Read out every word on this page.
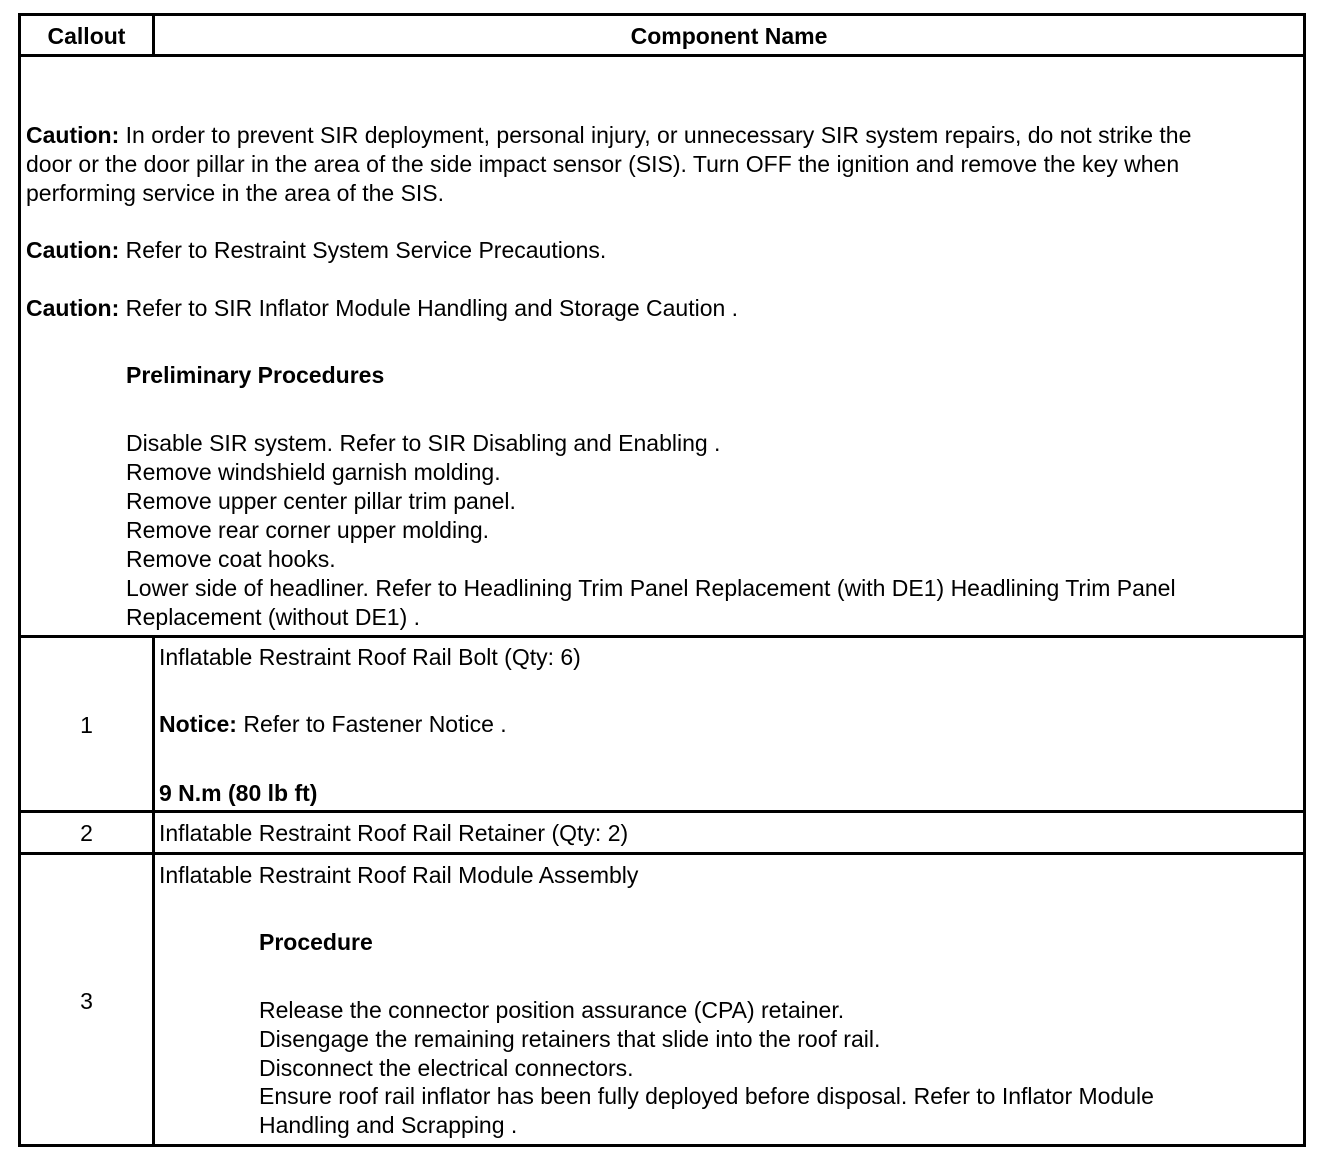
Callout	Component Name
Caution: In order to prevent SIR deployment, personal injury, or unnecessary SIR system repairs, do not strike the
door or the door pillar in the area of the side impact sensor (SIS). Turn OFF the ignition and remove the key when
performing service in the area of the SIS.
Caution: Refer to Restraint System Service Precautions.
Caution: Refer to SIR Inflator Module Handling and Storage Caution .
Preliminary Procedures
Disable SIR system. Refer to SIR Disabling and Enabling .
Remove windshield garnish molding.
Remove upper center pillar trim panel.
Remove rear corner upper molding.
Remove coat hooks.
Lower side of headliner. Refer to Headlining Trim Panel Replacement (with DE1) Headlining Trim Panel
Replacement (without DE1) .
1
Inflatable Restraint Roof Rail Bolt (Qty: 6)
Notice: Refer to Fastener Notice .
9 N.m (80 lb ft)
2	Inflatable Restraint Roof Rail Retainer (Qty: 2)
3
Inflatable Restraint Roof Rail Module Assembly
Procedure
Release the connector position assurance (CPA) retainer.
Disengage the remaining retainers that slide into the roof rail.
Disconnect the electrical connectors.
Ensure roof rail inflator has been fully deployed before disposal. Refer to Inflator Module
Handling and Scrapping .
